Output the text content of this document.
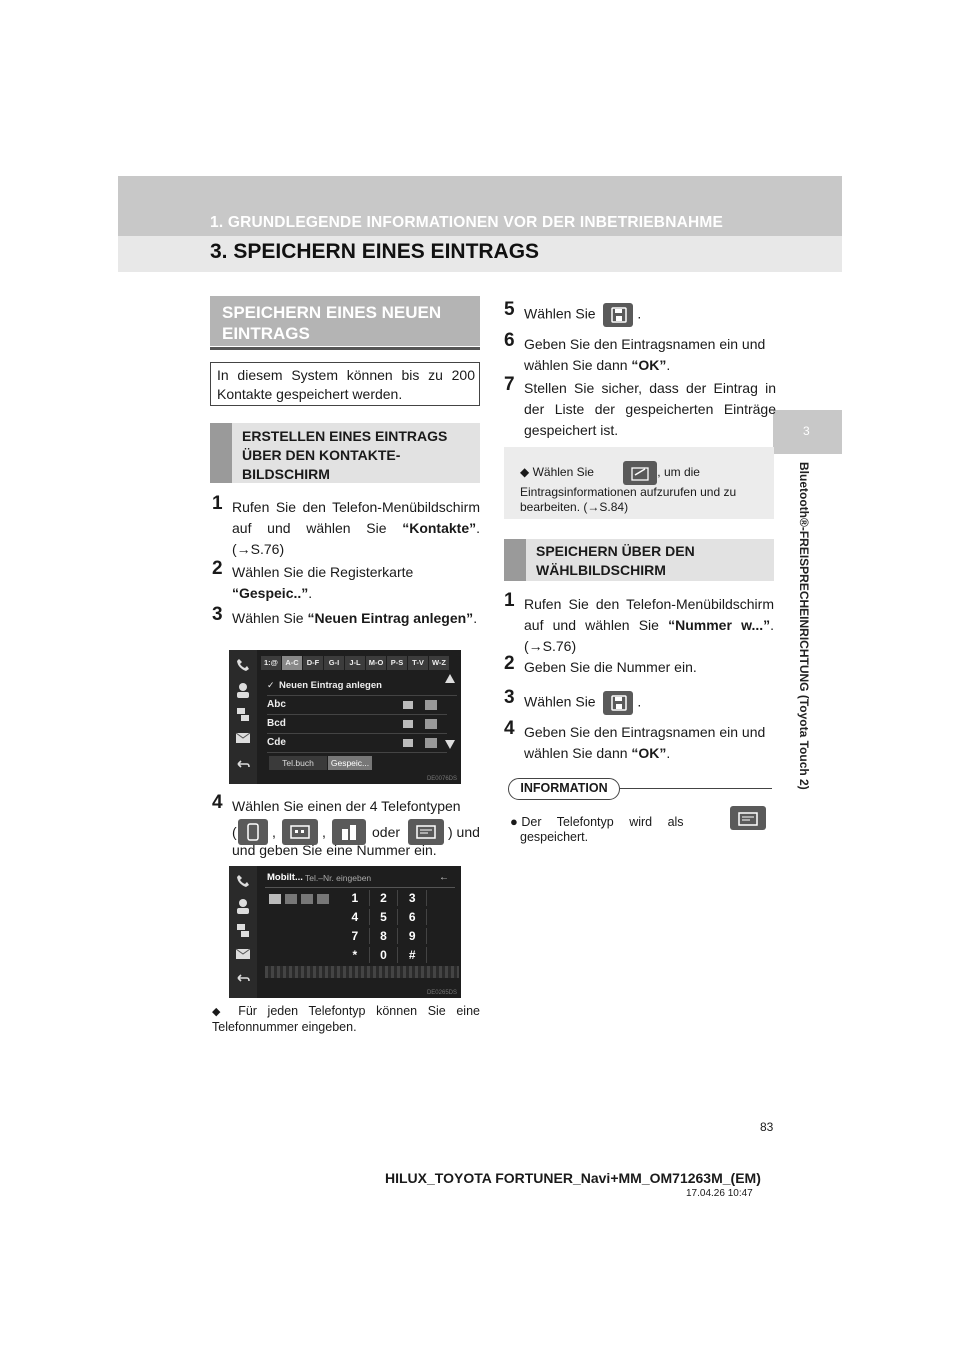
1. GRUNDLEGENDE INFORMATIONEN VOR DER INBETRIEBNAHME
3. SPEICHERN EINES EINTRAGS
3
Bluetooth®-FREISPRECHEINRICHTUNG (Toyota Touch 2)
SPEICHERN EINES NEUEN EINTRAGS
In diesem System können bis zu 200 Kontakte gespeichert werden.
ERSTELLEN EINES EINTRAGS ÜBER DEN KONTAKTE-BILDSCHIRM
1 Rufen Sie den Telefon-Menübildschirm auf und wählen Sie “Kontakte”. (→S.76)
2 Wählen Sie die Registerkarte “Gespeic..”.
3 Wählen Sie “Neuen Eintrag anlegen”.
1:@ A-C	D-F	G-I	J-L	M-O P-S	T-V	W-Z
✓ Neuen Eintrag anlegen
Abc
Bcd
Cde
Tel.buch	Gespeic...
DE0076DS
4 Wählen Sie einen der 4 Telefontypen
(	,	,	oder	) und
und geben Sie eine Nummer ein.
Mobilt... Tel.–Nr. eingeben	←
1	2	3
4	5	6
7	8	9
*	0	#
DE0265DS
◆ Für jeden Telefontyp können Sie eine Telefonnummer eingeben.
5 Wählen Sie	.
6 Geben Sie den Eintragsnamen ein und wählen Sie dann “OK”.
7 Stellen Sie sicher, dass der Eintrag in der Liste der gespeicherten Einträge gespeichert ist.
◆ Wählen Sie	, um die Eintragsinformationen aufzurufen und zu bearbeiten. (→S.84)
SPEICHERN ÜBER DEN WÄHLBILDSCHIRM
1 Rufen Sie den Telefon-Menübildschirm auf und wählen Sie “Nummer w...”. (→S.76)
2 Geben Sie die Nummer ein.
3 Wählen Sie	.
4 Geben Sie den Eintragsnamen ein und wählen Sie dann “OK”.
INFORMATION
● Der Telefontyp wird als
gespeichert.
83
HILUX_TOYOTA FORTUNER_Navi+MM_OM71263M_(EM)
17.04.26 10:47
